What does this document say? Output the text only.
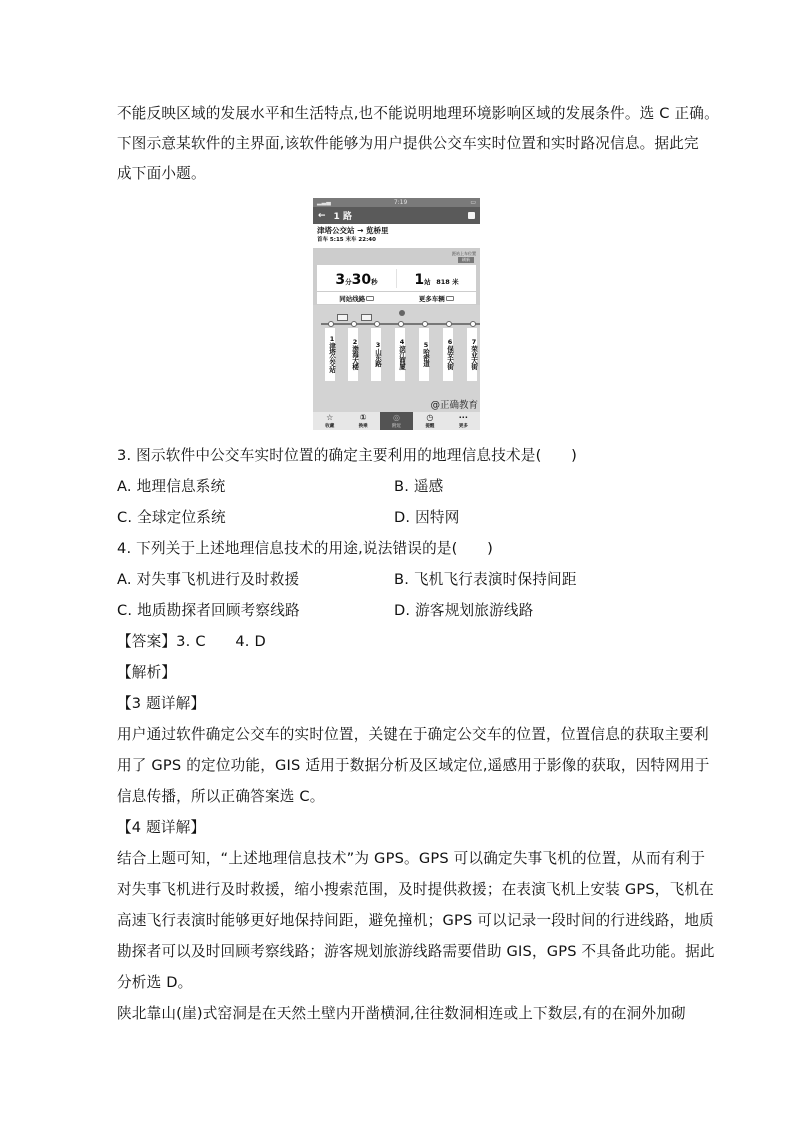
不能反映区域的发展水平和生活特点,也不能说明地理环境影响区域的发展条件。选 C 正确。
下图示意某软件的主界面,该软件能够为用户提供公交车实时位置和实时路况信息。据此完
成下面小题。
3. 图示软件中公交车实时位置的确定主要利用的地理信息技术是(　　)
A. 地理信息系统	B. 遥感
C. 全球定位系统	D. 因特网
4. 下列关于上述地理信息技术的用途,说法错误的是(　　)
A. 对失事飞机进行及时救援	B. 飞机飞行表演时保持间距
C. 地质勘探者回顾考察线路	D. 游客规划旅游线路
【答案】3. C　　4. D
【解析】
【3 题详解】
用户通过软件确定公交车的实时位置，关键在于确定公交车的位置，位置信息的获取主要利
用了 GPS 的定位功能，GIS 适用于数据分析及区域定位,遥感用于影像的获取，因特网用于
信息传播，所以正确答案选 C。
【4 题详解】
结合上题可知，“上述地理信息技术”为 GPS。GPS 可以确定失事飞机的位置，从而有利于
对失事飞机进行及时救援，缩小搜索范围，及时提供救援；在表演飞机上安装 GPS，飞机在
高速飞行表演时能够更好地保持间距，避免撞机；GPS 可以记录一段时间的行进线路，地质
勘探者可以及时回顾考察线路；游客规划旅游线路需要借助 GIS，GPS 不具备此功能。据此
分析选 D。
陕北靠山(崖)式窑洞是在天然土壁内开凿横洞,往往数洞相连或上下数层,有的在洞外加砌
▂▃▄	7:19	▭
← 1 路
津塔公交站 → 览桥里
首车 5:15 末车 22:40
距站上车位置
刷新
3分30秒	1站 818 米
同站线路	更多车辆
1津塔公交站
2渤海大楼
3山东路
4滨江商厦
5哈密道
6保安大街
7荣业大街
@正确教育
☆
收藏
①
换乘
◎
附近
◷
提醒
···
更多
